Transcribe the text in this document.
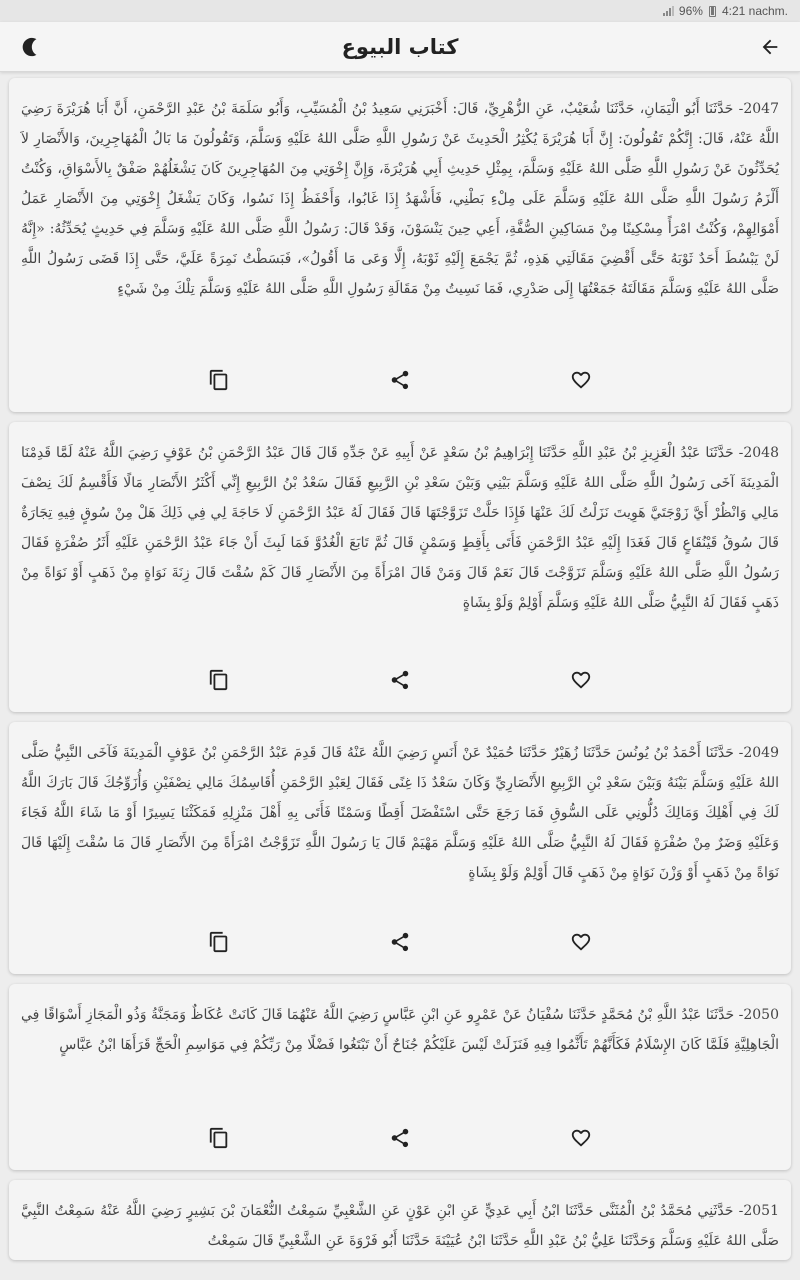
96% 4:21 nachm.
كتاب البيوع
2047- حَدَّثَنَا أَبُو الْيَمَانِ، حَدَّثَنَا شُعَيْبٌ، عَنِ الزُّهْرِيِّ، قَالَ: أَخْبَرَنِي سَعِيدُ بْنُ الْمُسَيِّبِ، وَأَبُو سَلَمَةَ بْنُ عَبْدِ الرَّحْمَنِ، أَنَّ أَبَا هُرَيْرَةَ رَضِيَ اللَّهُ عَنْهُ، قَالَ: إِنَّكُمْ تَقُولُونَ: إِنَّ أَبَا هُرَيْرَةَ يُكْثِرُ الْحَدِيثَ عَنْ رَسُولِ اللَّهِ صَلَّى اللهُ عَلَيْهِ وَسَلَّمَ، وَتَقُولُونَ مَا بَالُ الْمُهَاجِرِينَ، وَالأَنْصَارِ لاَ يُحَدِّثُونَ عَنْ رَسُولِ اللَّهِ صَلَّى اللهُ عَلَيْهِ وَسَلَّمَ، بِمِثْلِ حَدِيثِ أَبِي هُرَيْرَةَ، وَإِنَّ إِخْوَتِي مِنَ المُهَاجِرِينَ كَانَ يَشْغَلُهُمْ صَفْقٌ بِالأَسْوَاقِ، وَكُنْتُ أَلْزَمُ رَسُولَ اللَّهِ صَلَّى اللهُ عَلَيْهِ وَسَلَّمَ عَلَى مِلْءِ بَطْنِي، فَأَشْهَدُ إِذَا غَابُوا، وَأَحْفَظُ إِذَا نَسُوا، وَكَانَ يَشْغَلُ إِخْوَتِي مِنَ الأَنْصَارِ عَمَلُ أَمْوَالِهِمْ، وَكُنْتُ امْرَأً مِسْكِينًا مِنْ مَسَاكِينِ الصُّفَّةِ، أَعِي حِينَ يَنْسَوْنَ، وَقَدْ قَالَ: رَسُولُ اللَّهِ صَلَّى اللهُ عَلَيْهِ وَسَلَّمَ فِي حَدِيثٍ يُحَدِّثُهُ: «إِنَّهُ لَنْ يَبْسُطَ أَحَدٌ ثَوْبَهُ حَتَّى أَقْضِيَ مَقَالَتِي هَذِهِ، ثُمَّ يَجْمَعَ إِلَيْهِ ثَوْبَهُ، إِلَّا وَعَى مَا أَقُولُ»، فَبَسَطْتُ نَمِرَةً عَلَيَّ، حَتَّى إِذَا قَضَى رَسُولُ اللَّهِ صَلَّى اللهُ عَلَيْهِ وَسَلَّمَ مَقَالَتَهُ جَمَعْتُهَا إِلَى صَدْرِي، فَمَا نَسِيتُ مِنْ مَقَالَةِ رَسُولِ اللَّهِ صَلَّى اللهُ عَلَيْهِ وَسَلَّمَ تِلْكَ مِنْ شَيْءٍ
2048- حَدَّثَنَا عَبْدُ الْعَزِيزِ بْنُ عَبْدِ اللَّهِ حَدَّثَنَا إِبْرَاهِيمُ بْنُ سَعْدٍ عَنْ أَبِيهِ عَنْ جَدِّهِ قَالَ قَالَ عَبْدُ الرَّحْمَنِ بْنُ عَوْفٍ رَضِيَ اللَّهُ عَنْهُ لَمَّا قَدِمْنَا الْمَدِينَةَ آخَى رَسُولُ اللَّهِ صَلَّى اللهُ عَلَيْهِ وَسَلَّمَ بَيْنِي وَبَيْنَ سَعْدِ بْنِ الرَّبِيعِ فَقَالَ سَعْدُ بْنُ الرَّبِيعِ إِنِّي أَكْثَرُ الأَنْصَارِ مَالًا فَأَقْسِمُ لَكَ نِصْفَ مَالِي وَانْظُرْ أَيَّ زَوْجَتَيَّ هَوِيتَ نَزَلْتُ لَكَ عَنْهَا فَإِذَا حَلَّتْ تَزَوَّجْتَهَا قَالَ فَقَالَ لَهُ عَبْدُ الرَّحْمَنِ لَا حَاجَةَ لِي فِي ذَلِكَ هَلْ مِنْ سُوقٍ فِيهِ تِجَارَةٌ قَالَ سُوقُ قَيْنُقَاعٍ قَالَ فَغَدَا إِلَيْهِ عَبْدُ الرَّحْمَنِ فَأَتَى بِأَقِطٍ وَسَمْنٍ قَالَ ثُمَّ تَابَعَ الْغُدُوَّ فَمَا لَبِثَ أَنْ جَاءَ عَبْدُ الرَّحْمَنِ عَلَيْهِ أَثَرُ صُفْرَةٍ فَقَالَ رَسُولُ اللَّهِ صَلَّى اللهُ عَلَيْهِ وَسَلَّمَ تَزَوَّجْتَ قَالَ نَعَمْ قَالَ وَمَنْ قَالَ امْرَأَةً مِنَ الأَنْصَارِ قَالَ كَمْ سُقْتَ قَالَ زِنَةَ نَوَاةٍ مِنْ ذَهَبٍ أَوْ نَوَاةً مِنْ ذَهَبٍ فَقَالَ لَهُ النَّبِيُّ صَلَّى اللهُ عَلَيْهِ وَسَلَّمَ أَوْلِمْ وَلَوْ بِشَاةٍ
2049- حَدَّثَنَا أَحْمَدُ بْنُ يُونُسَ حَدَّثَنَا زُهَيْرٌ حَدَّثَنَا حُمَيْدٌ عَنْ أَنَسٍ رَضِيَ اللَّهُ عَنْهُ قَالَ قَدِمَ عَبْدُ الرَّحْمَنِ بْنُ عَوْفٍ الْمَدِينَةَ فَآخَى النَّبِيُّ صَلَّى اللهُ عَلَيْهِ وَسَلَّمَ بَيْنَهُ وَبَيْنَ سَعْدِ بْنِ الرَّبِيعِ الأَنْصَارِيِّ وَكَانَ سَعْدٌ ذَا غِنًى فَقَالَ لِعَبْدِ الرَّحْمَنِ أُقَاسِمُكَ مَالِي نِصْفَيْنِ وَأُزَوِّجُكَ قَالَ بَارَكَ اللَّهُ لَكَ فِي أَهْلِكَ وَمَالِكَ دُلُّونِي عَلَى السُّوقِ فَمَا رَجَعَ حَتَّى اسْتَفْضَلَ أَقِطًا وَسَمْنًا فَأَتَى بِهِ أَهْلَ مَنْزِلِهِ فَمَكَثْنَا يَسِيرًا أَوْ مَا شَاءَ اللَّهُ فَجَاءَ وَعَلَيْهِ وَضَرٌ مِنْ صُفْرَةٍ فَقَالَ لَهُ النَّبِيُّ صَلَّى اللهُ عَلَيْهِ وَسَلَّمَ مَهْيَمْ قَالَ يَا رَسُولَ اللَّهِ تَزَوَّجْتُ امْرَأَةً مِنَ الأَنْصَارِ قَالَ مَا سُقْتَ إِلَيْهَا قَالَ نَوَاةً مِنْ ذَهَبٍ أَوْ وَزْنَ نَوَاةٍ مِنْ ذَهَبٍ قَالَ أَوْلِمْ وَلَوْ بِشَاةٍ
2050- حَدَّثَنَا عَبْدُ اللَّهِ بْنُ مُحَمَّدٍ حَدَّثَنَا سُفْيَانُ عَنْ عَمْرٍو عَنِ ابْنِ عَبَّاسٍ رَضِيَ اللَّهُ عَنْهُمَا قَالَ كَانَتْ عُكَاظٌ وَمَجَنَّةُ وَذُو الْمَجَازِ أَسْوَاقًا فِي الْجَاهِلِيَّةِ فَلَمَّا كَانَ الإِسْلَامُ فَكَأَنَّهُمْ تَأَثَّمُوا فِيهِ فَنَزَلَتْ لَيْسَ عَلَيْكُمْ جُنَاحٌ أَنْ تَبْتَغُوا فَضْلًا مِنْ رَبِّكُمْ فِي مَوَاسِمِ الْحَجِّ قَرَأَهَا ابْنُ عَبَّاسٍ
2051- حَدَّثَنِي مُحَمَّدُ بْنُ الْمُثَنَّى حَدَّثَنَا ابْنُ أَبِي عَدِيٍّ عَنِ ابْنِ عَوْنٍ عَنِ الشَّعْبِيِّ سَمِعْتُ النُّعْمَانَ بْنَ بَشِيرٍ رَضِيَ اللَّهُ عَنْهُ سَمِعْتُ النَّبِيَّ صَلَّى اللهُ عَلَيْهِ وَسَلَّمَ وَحَدَّثَنَا عَلِيُّ بْنُ عَبْدِ اللَّهِ حَدَّثَنَا ابْنُ عُيَيْنَةَ حَدَّثَنَا أَبُو فَرْوَةَ عَنِ الشَّعْبِيِّ قَالَ سَمِعْتُ
